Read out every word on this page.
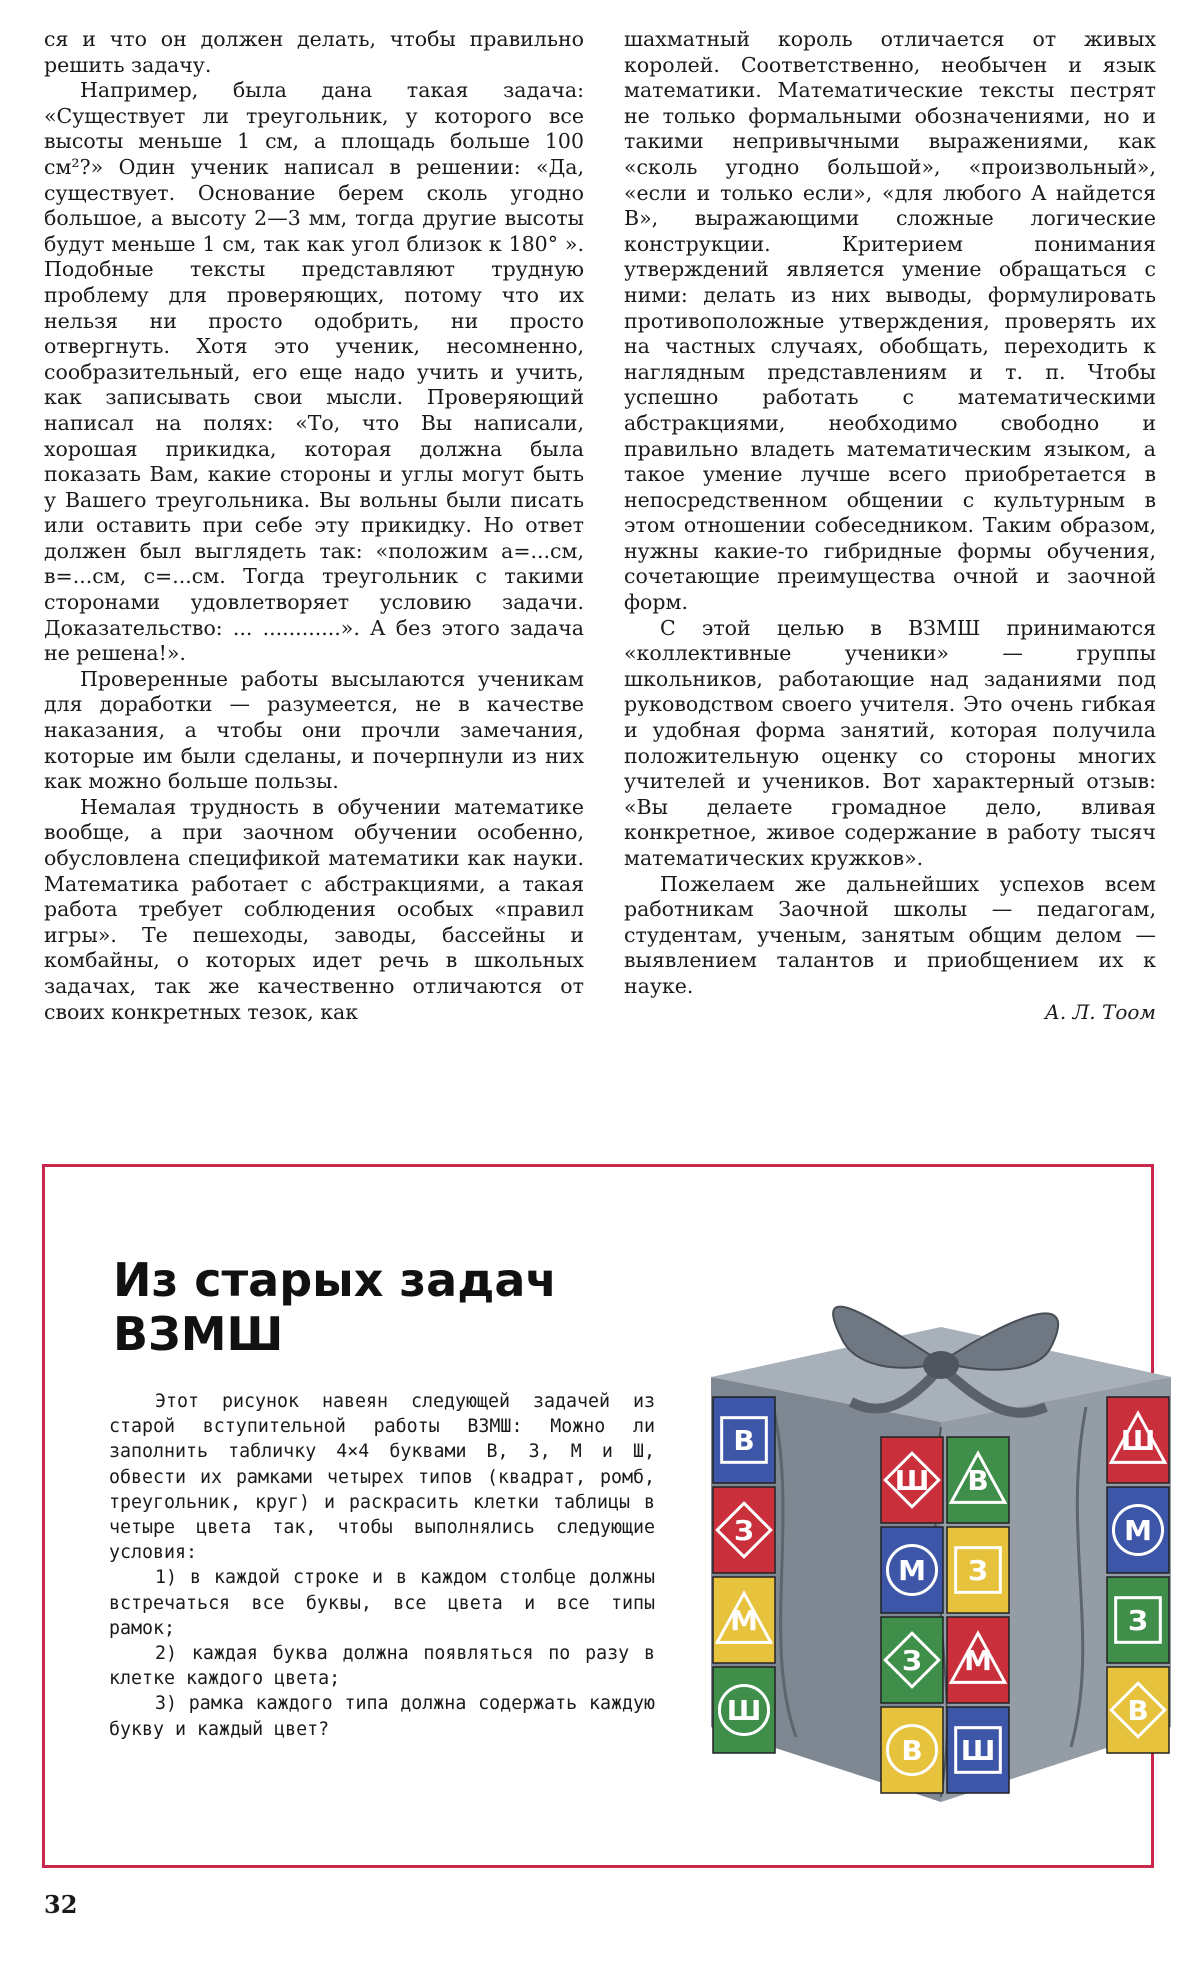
ся и что он должен делать, чтобы правильно решить задачу.

Например, была дана такая задача: «Существует ли треугольник, у которого все высоты меньше 1 см, а площадь больше 100 см²?» Один ученик написал в решении: «Да, существует. Основание берем сколь угодно большое, а высоту 2—3 мм, тогда другие высоты будут меньше 1 см, так как угол близок к 180° ». Подобные тексты представляют трудную проблему для проверяющих, потому что их нельзя ни просто одобрить, ни просто отвергнуть. Хотя это ученик, несомненно, сообразительный, его еще надо учить и учить, как записывать свои мысли. Проверяющий написал на полях: «То, что Вы написали, хорошая прикидка, которая должна была показать Вам, какие стороны и углы могут быть у Вашего треугольника. Вы вольны были писать или оставить при себе эту прикидку. Но ответ должен был выглядеть так: «положим a=...см, в=...см, c=...см. Тогда треугольник с такими сторонами удовлетворяет условию задачи. Доказательство: ... ............». А без этого задача не решена!».

Проверенные работы высылаются ученикам для доработки — разумеется, не в качестве наказания, а чтобы они прочли замечания, которые им были сделаны, и почерпнули из них как можно больше пользы.

Немалая трудность в обучении математике вообще, а при заочном обучении особенно, обусловлена спецификой математики как науки. Математика работает с абстракциями, а такая работа требует соблюдения особых «правил игры». Те пешеходы, заводы, бассейны и комбайны, о которых идет речь в школьных задачах, так же качественно отличаются от своих конкретных тезок, как

шахматный король отличается от живых королей. Соответственно, необычен и язык математики. Математические тексты пестрят не только формальными обозначениями, но и такими непривычными выражениями, как «сколь угодно большой», «произвольный», «если и только если», «для любого A найдется B», выражающими сложные логические конструкции. Критерием понимания утверждений является умение обращаться с ними: делать из них выводы, формулировать противоположные утверждения, проверять их на частных случаях, обобщать, переходить к наглядным представлениям и т. п. Чтобы успешно работать с математическими абстракциями, необходимо свободно и правильно владеть математическим языком, а такое умение лучше всего приобретается в непосредственном общении с культурным в этом отношении собеседником. Таким образом, нужны какие-то гибридные формы обучения, сочетающие преимущества очной и заочной форм.

С этой целью в ВЗМШ принимаются «коллективные ученики» — группы школьников, работающие над заданиями под руководством своего учителя. Это очень гибкая и удобная форма занятий, которая получила положительную оценку со стороны многих учителей и учеников. Вот характерный отзыв: «Вы делаете громадное дело, вливая конкретное, живое содержание в работу тысяч математических кружков».

Пожелаем же дальнейших успехов всем работникам Заочной школы — педагогам, студентам, ученым, занятым общим делом — выявлением талантов и приобщением их к науке.

А. Л. Тоом
Из старых задач
ВЗМШ

Этот рисунок навеян следующей задачей из старой вступительной работы ВЗМШ: Можно ли заполнить табличку 4×4 буквами В, З, М и Ш, обвести их рамками четырех типов (квадрат, ромб, треугольник, круг) и раскрасить клетки таблицы в четыре цвета так, чтобы выполнялись следующие условия:

1) в каждой строке и в каждом столбце должны встречаться все буквы, все цвета и все типы рамок;

2) каждая буква должна появляться по разу в клетке каждого цвета;

3) рамка каждого типа должна содержать каждую букву и каждый цвет?

В
З
М
Ш
Ш В
М З
З М
В Ш
Ш
М
З
В
32
